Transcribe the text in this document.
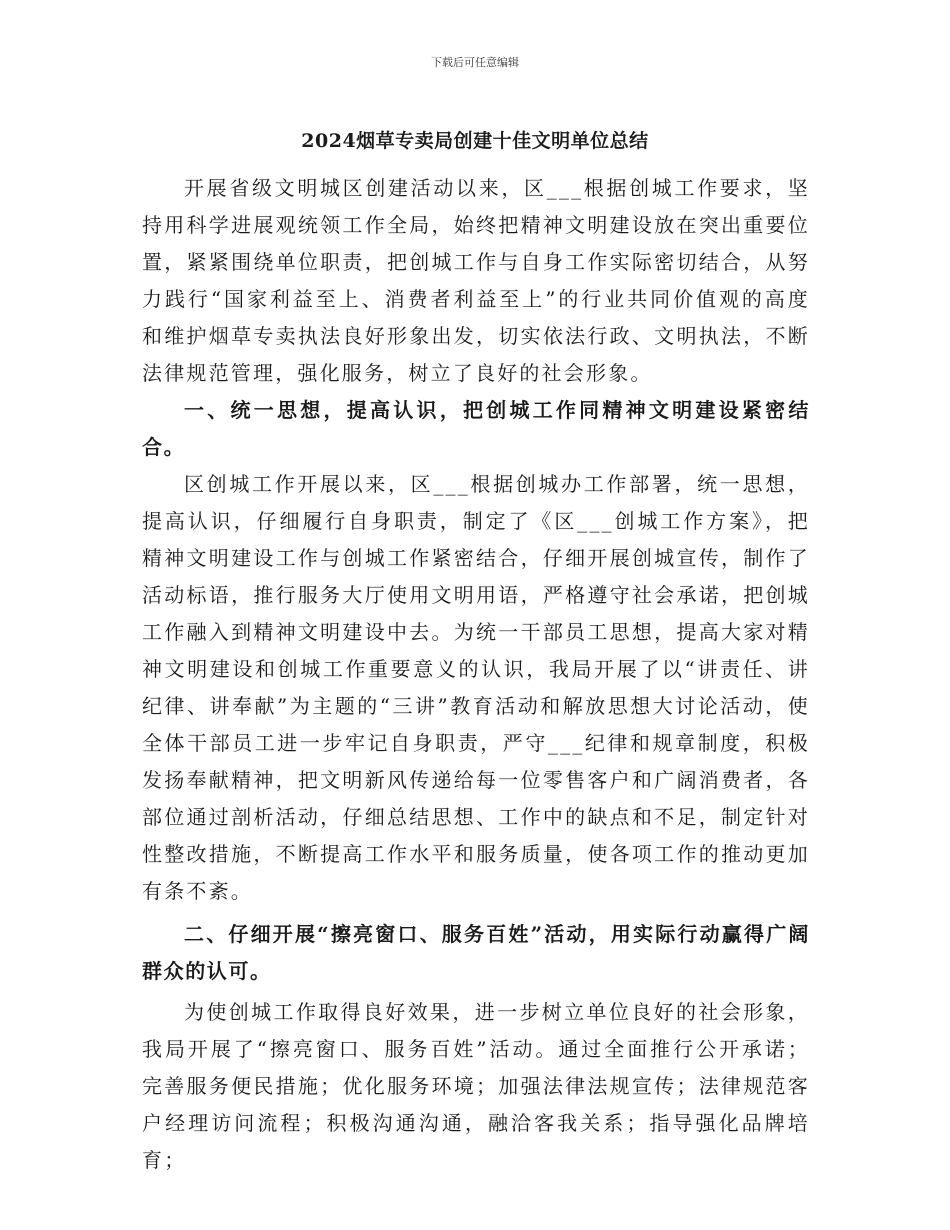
下载后可任意编辑
2024烟草专卖局创建十佳文明单位总结

开展省级文明城区创建活动以来，区___根据创城工作要求，坚持用科学进展观统领工作全局，始终把精神文明建设放在突出重要位置，紧紧围绕单位职责，把创城工作与自身工作实际密切结合，从努力践行“国家利益至上、消费者利益至上”的行业共同价值观的高度和维护烟草专卖执法良好形象出发，切实依法行政、文明执法，不断法律规范管理，强化服务，树立了良好的社会形象。

一、统一思想，提高认识，把创城工作同精神文明建设紧密结合。

区创城工作开展以来，区___根据创城办工作部署，统一思想，提高认识，仔细履行自身职责，制定了《区___创城工作方案》，把精神文明建设工作与创城工作紧密结合，仔细开展创城宣传，制作了活动标语，推行服务大厅使用文明用语，严格遵守社会承诺，把创城工作融入到精神文明建设中去。为统一干部员工思想，提高大家对精神文明建设和创城工作重要意义的认识，我局开展了以“讲责任、讲纪律、讲奉献”为主题的“三讲”教育活动和解放思想大讨论活动，使全体干部员工进一步牢记自身职责，严守___纪律和规章制度，积极发扬奉献精神，把文明新风传递给每一位零售客户和广阔消费者，各部位通过剖析活动，仔细总结思想、工作中的缺点和不足，制定针对性整改措施，不断提高工作水平和服务质量，使各项工作的推动更加有条不紊。

二、仔细开展“擦亮窗口、服务百姓”活动，用实际行动赢得广阔群众的认可。

为使创城工作取得良好效果，进一步树立单位良好的社会形象，我局开展了“擦亮窗口、服务百姓”活动。通过全面推行公开承诺；完善服务便民措施；优化服务环境；加强法律法规宣传；法律规范客户经理访问流程；积极沟通沟通，融洽客我关系；指导强化品牌培育；
